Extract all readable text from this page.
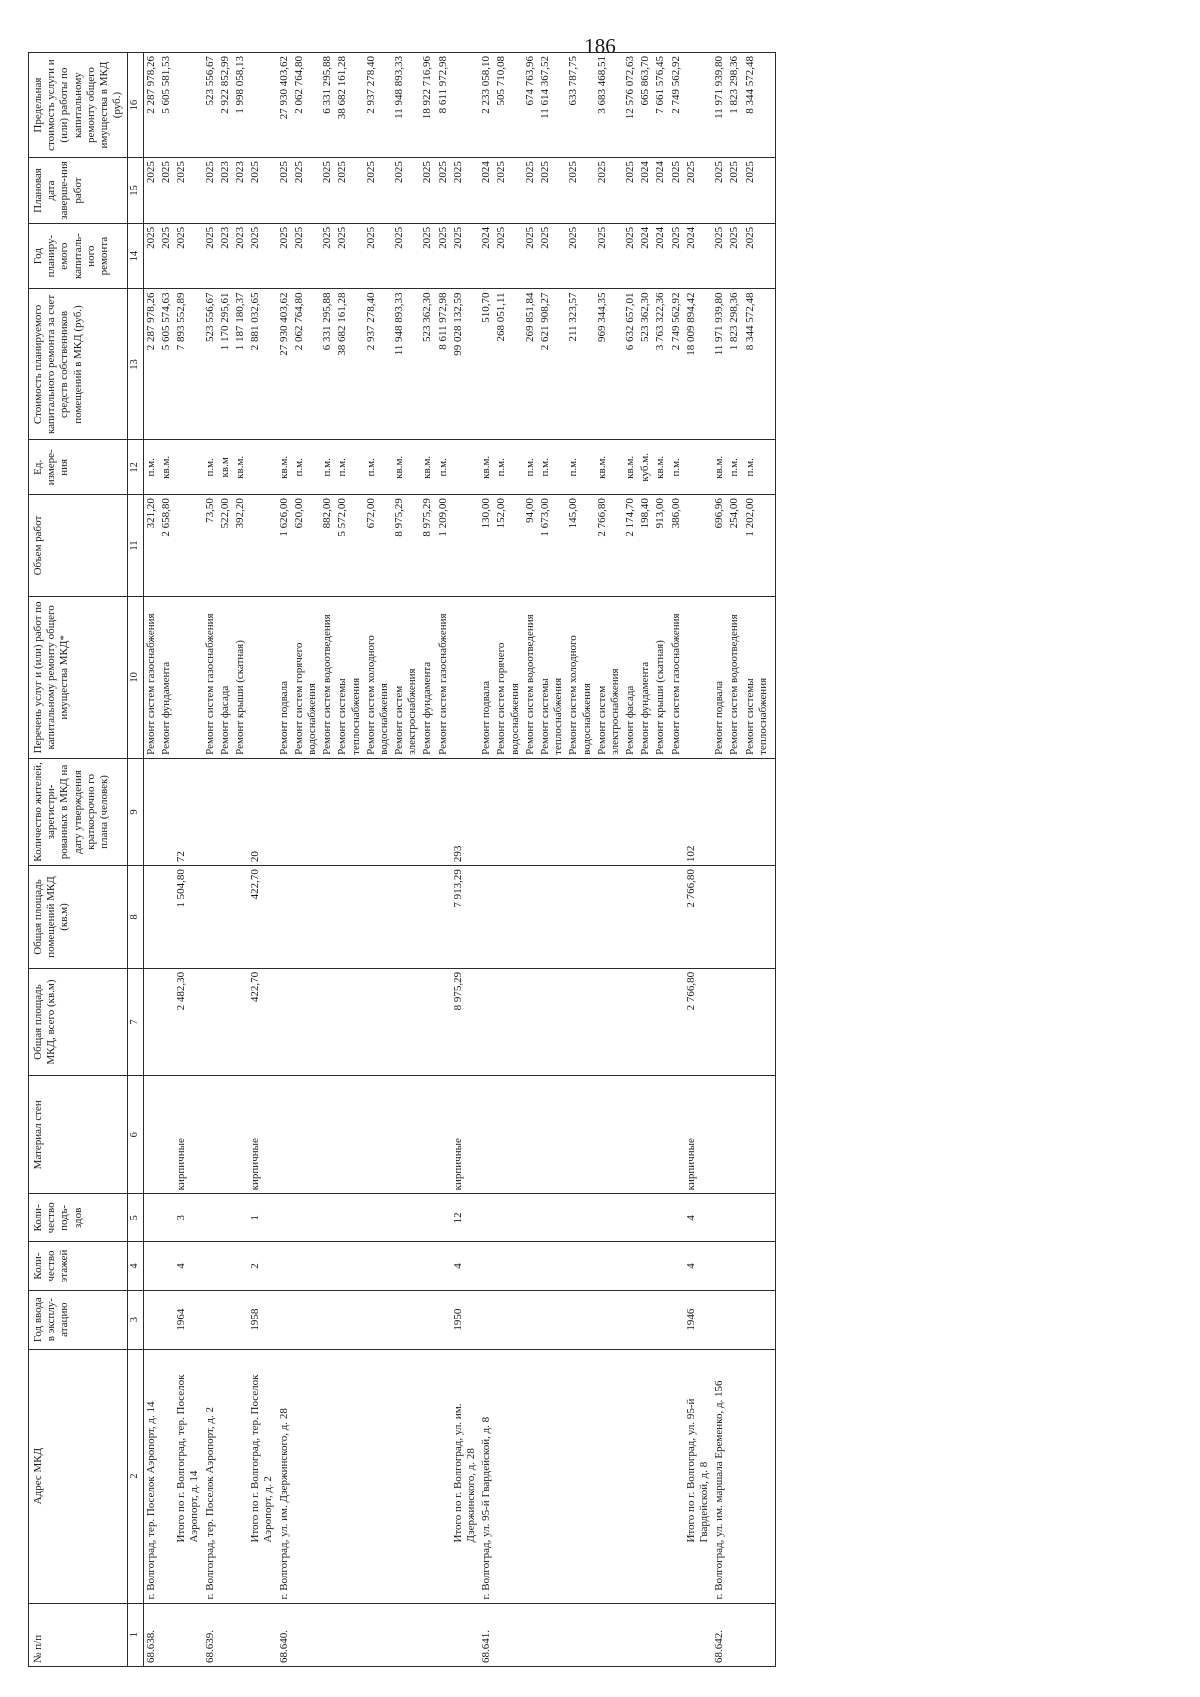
186
№ п/п	Адрес МКД	Год ввода в эксплу-атацию	Коли-чество этажей	Коли-чество подъ-здов	Материал стен	Общая площадь МКД, всего (кв.м)	Общая площадь помещений МКД (кв.м)	Количество жителей, зарегистри-рованных в МКД на дату утверждения краткосрочно го плана (человек)	Перечень услуг и (или) работ по капитальному ремонту общего имущества МКД*	Объем работ	Ед. измере-ния	Стоимость планируемого капитального ремонта за счет средств собственников помещений в МКД (руб.)	Год планиру-емого капиталь-ного ремонта	Плановая дата заверше-ния работ	Предельная стоимость услуги и (или) работы по капитальному ремонту общего имущества в МКД (руб.)
1	2	3	4	5	6	7	8	9	10	11	12	13	14	15	16
68.638.	г. Волгоград, тер. Поселок Аэропорт, д. 14								Ремонт систем газоснабжения	321,20	п.м.	2 287 978,26	2025	2025	2 287 978,26
									Ремонт фундамента	2 658,80	кв.м.	5 605 574,63	2025	2025	5 605 581,53
	Итого по г. Волгоград, тер. Поселок Аэропорт, д. 14	1964	4	3	кирпичные	2 482,30	1 504,80	72				7 893 552,89	2025	2025	
68.639.	г. Волгоград, тер. Поселок Аэропорт, д. 2								Ремонт систем газоснабжения	73,50	п.м.	523 556,67	2025	2025	523 556,67
									Ремонт фасада	522,00	кв.м	1 170 295,61	2023	2023	2 922 852,99
									Ремонт крыши (скатная)	392,20	кв.м.	1 187 180,37	2023	2023	1 998 058,13
	Итого по г. Волгоград, тер. Поселок Аэропорт, д. 2	1958	2	1	кирпичные	422,70	422,70	20				2 881 032,65	2025	2025	
68.640.	г. Волгоград, ул. им. Дзержинского, д. 28								Ремонт подвала	1 626,00	кв.м.	27 930 403,62	2025	2025	27 930 403,62
									Ремонт систем горячего водоснабжения	620,00	п.м.	2 062 764,80	2025	2025	2 062 764,80
									Ремонт систем водоотведения	882,00	п.м.	6 331 295,88	2025	2025	6 331 295,88
									Ремонт системы теплоснабжения	5 572,00	п.м.	38 682 161,28	2025	2025	38 682 161,28
									Ремонт систем холодного водоснабжения	672,00	п.м.	2 937 278,40	2025	2025	2 937 278,40
									Ремонт систем электроснабжения	8 975,29	кв.м.	11 948 893,33	2025	2025	11 948 893,33
									Ремонт фундамента	8 975,29	кв.м.	523 362,30	2025	2025	18 922 716,96
									Ремонт систем газоснабжения	1 209,00	п.м.	8 611 972,98	2025	2025	8 611 972,98
	Итого по г. Волгоград, ул. им. Дзержинского, д. 28	1950	4	12	кирпичные	8 975,29	7 913,29	293				99 028 132,59	2025	2025	
68.641.	г. Волгоград, ул. 95-й Гвардейской, д. 8								Ремонт подвала	130,00	кв.м.	510,70	2024	2024	2 233 058,10
									Ремонт систем горячего водоснабжения	152,00	п.м.	268 051,11	2025	2025	505 710,08
									Ремонт систем водоотведения	94,00	п.м.	269 851,84	2025	2025	674 763,96
									Ремонт системы теплоснабжения	1 673,00	п.м.	2 621 908,27	2025	2025	11 614 367,52
									Ремонт систем холодного водоснабжения	145,00	п.м.	211 323,57	2025	2025	633 787,75
									Ремонт систем электроснабжения	2 766,80	кв.м.	969 344,35	2025	2025	3 683 468,51
									Ремонт фасада	2 174,70	кв.м.	6 632 657,01	2025	2025	12 576 072,63
									Ремонт фундамента	198,40	куб.м.	523 362,30	2024	2024	665 863,70
									Ремонт крыши (скатная)	913,00	кв.м.	3 763 322,36	2024	2024	7 661 576,45
									Ремонт систем газоснабжения	386,00	п.м.	2 749 562,92	2025	2025	2 749 562,92
	Итого по г. Волгоград, ул. 95-й Гвардейской, д. 8	1946	4	4	кирпичные	2 766,80	2 766,80	102				18 009 894,42	2024	2025	
68.642.	г. Волгоград, ул. им. маршала Еременко, д. 156								Ремонт подвала	696,96	кв.м.	11 971 939,80	2025	2025	11 971 939,80
									Ремонт систем водоотведения	254,00	п.м.	1 823 298,36	2025	2025	1 823 298,36
									Ремонт системы теплоснабжения	1 202,00	п.м.	8 344 572,48	2025	2025	8 344 572,48
